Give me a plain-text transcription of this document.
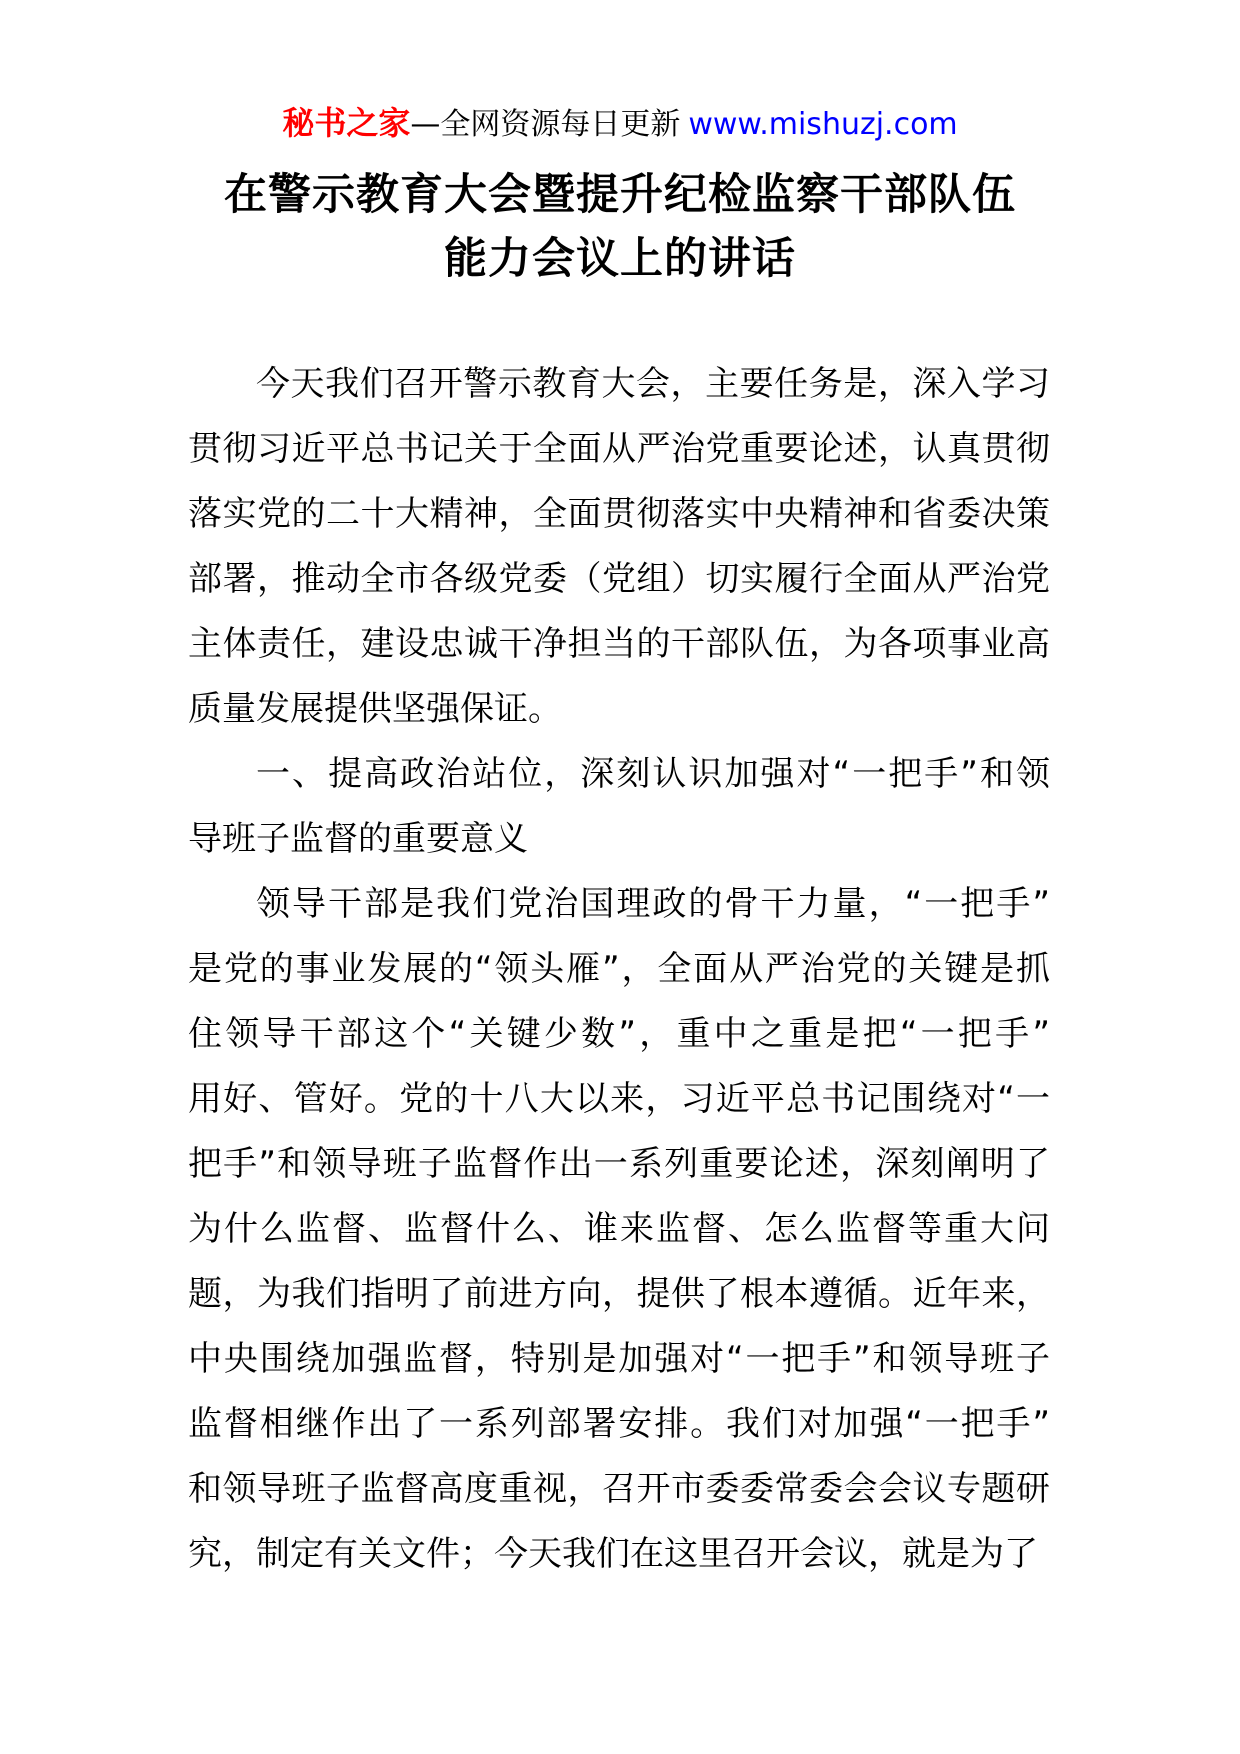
秘书之家—全网资源每日更新 www.mishuzj.com
在警示教育大会暨提升纪检监察干部队伍
能力会议上的讲话
今天我们召开警示教育大会，主要任务是，深入学习
贯彻习近平总书记关于全面从严治党重要论述，认真贯彻
落实党的二十大精神，全面贯彻落实中央精神和省委决策
部署，推动全市各级党委（党组）切实履行全面从严治党
主体责任，建设忠诚干净担当的干部队伍，为各项事业高
质量发展提供坚强保证。
一、提高政治站位，深刻认识加强对“一把手”和领
导班子监督的重要意义
领导干部是我们党治国理政的骨干力量，“一把手”
是党的事业发展的“领头雁”，全面从严治党的关键是抓
住领导干部这个“关键少数”，重中之重是把“一把手”
用好、管好。党的十八大以来，习近平总书记围绕对“一
把手”和领导班子监督作出一系列重要论述，深刻阐明了
为什么监督、监督什么、谁来监督、怎么监督等重大问
题，为我们指明了前进方向，提供了根本遵循。近年来，
中央围绕加强监督，特别是加强对“一把手”和领导班子
监督相继作出了一系列部署安排。我们对加强“一把手”
和领导班子监督高度重视，召开市委委常委会会议专题研
究，制定有关文件；今天我们在这里召开会议，就是为了
